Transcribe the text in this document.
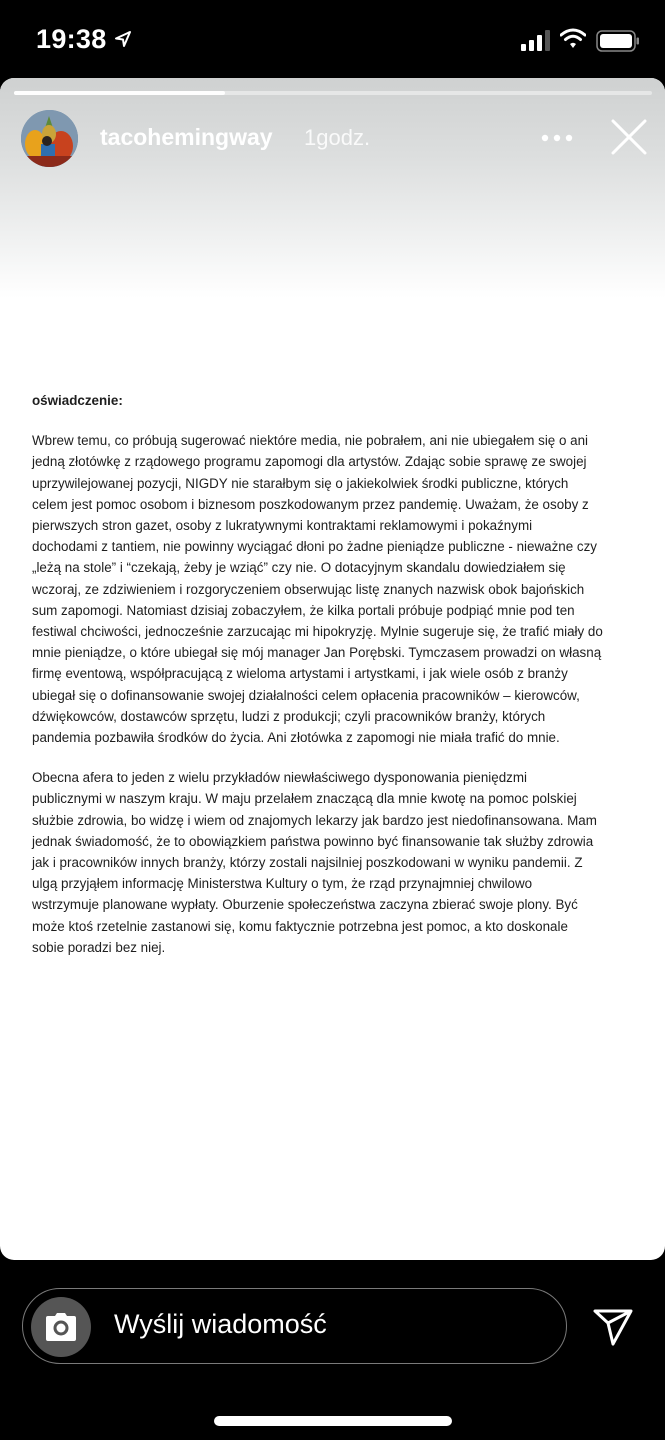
19:38
tacohemingway 1godz.

oświadczenie:

Wbrew temu, co próbują sugerować niektóre media, nie pobrałem, ani nie ubiegałem się o ani
jedną złotówkę z rządowego programu zapomogi dla artystów. Zdając sobie sprawę ze swojej
uprzywilejowanej pozycji, NIGDY nie starałbym się o jakiekolwiek środki publiczne, których
celem jest pomoc osobom i biznesom poszkodowanym przez pandemię. Uważam, że osoby z
pierwszych stron gazet, osoby z lukratywnymi kontraktami reklamowymi i pokaźnymi
dochodami z tantiem, nie powinny wyciągać dłoni po żadne pieniądze publiczne - nieważne czy
„leżą na stole” i “czekają, żeby je wziąć” czy nie. O dotacyjnym skandalu dowiedziałem się
wczoraj, ze zdziwieniem i rozgoryczeniem obserwując listę znanych nazwisk obok bajońskich
sum zapomogi. Natomiast dzisiaj zobaczyłem, że kilka portali próbuje podpiąć mnie pod ten
festiwal chciwości, jednocześnie zarzucając mi hipokryzję. Mylnie sugeruje się, że trafić miały do
mnie pieniądze, o które ubiegał się mój manager Jan Porębski. Tymczasem prowadzi on własną
firmę eventową, współpracującą z wieloma artystami i artystkami, i jak wiele osób z branży
ubiegał się o dofinansowanie swojej działalności celem opłacenia pracowników – kierowców,
dźwiękowców, dostawców sprzętu, ludzi z produkcji; czyli pracowników branży, których
pandemia pozbawiła środków do życia. Ani złotówka z zapomogi nie miała trafić do mnie.
Obecna afera to jeden z wielu przykładów niewłaściwego dysponowania pieniędzmi
publicznymi w naszym kraju. W maju przelałem znaczącą dla mnie kwotę na pomoc polskiej
służbie zdrowia, bo widzę i wiem od znajomych lekarzy jak bardzo jest niedofinansowana. Mam
jednak świadomość, że to obowiązkiem państwa powinno być finansowanie tak służby zdrowia
jak i pracowników innych branży, którzy zostali najsilniej poszkodowani w wyniku pandemii. Z
ulgą przyjąłem informację Ministerstwa Kultury o tym, że rząd przynajmniej chwilowo
wstrzymuje planowane wypłaty. Oburzenie społeczeństwa zaczyna zbierać swoje plony. Być
może ktoś rzetelnie zastanowi się, komu faktycznie potrzebna jest pomoc, a kto doskonale
sobie poradzi bez niej.
Wyślij wiadomość
